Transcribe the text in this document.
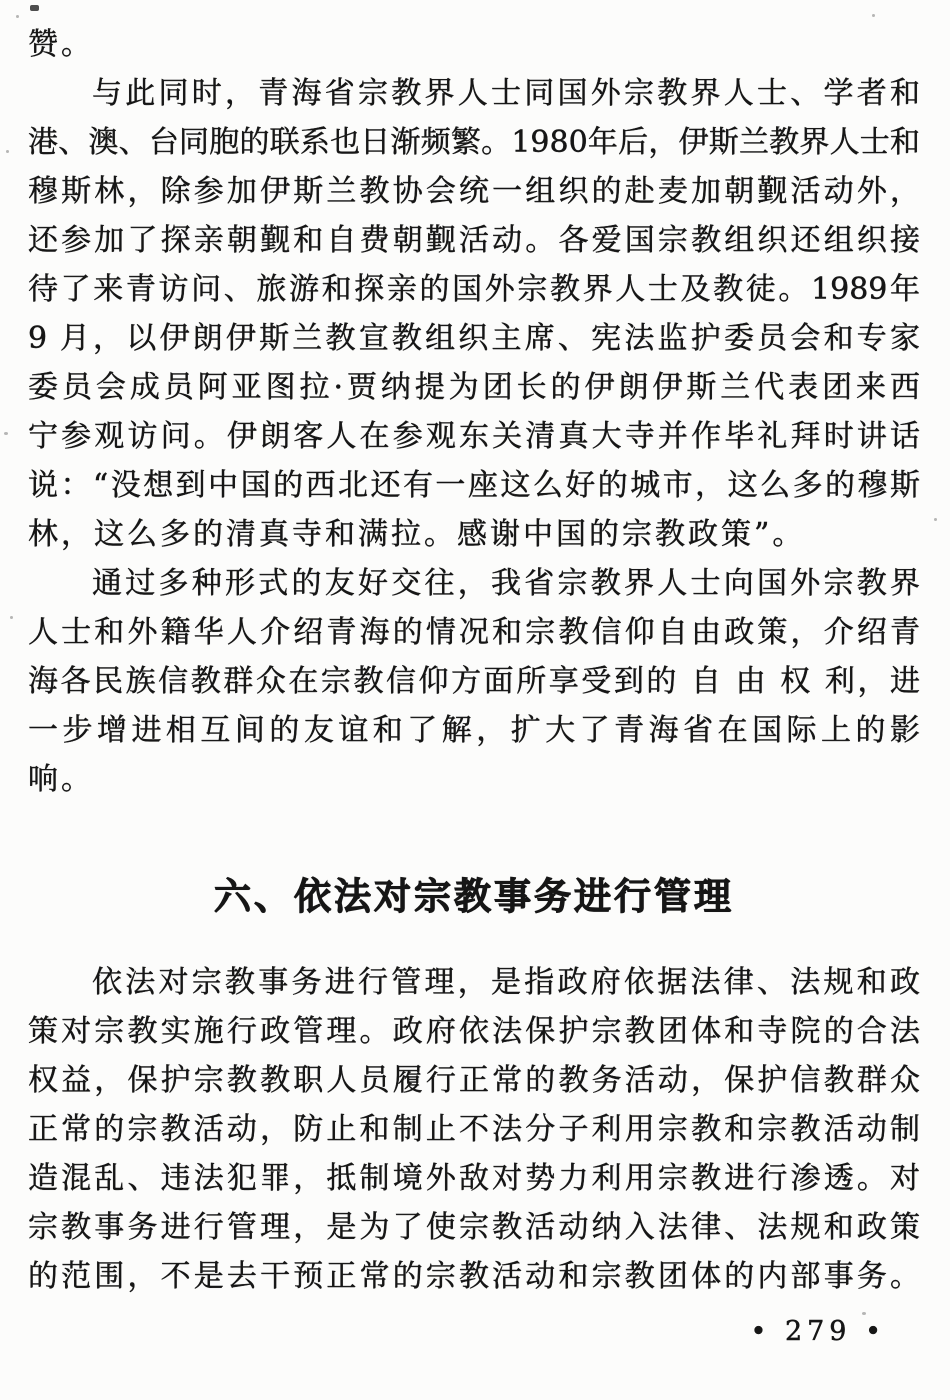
赞。
与此同时，青海省宗教界人士同国外宗教界人士、学者和
港、澳、台同胞的联系也日渐频繁。1980年后，伊斯兰教界人士和
穆斯林，除参加伊斯兰教协会统一组织的赴麦加朝觐活动外，
还参加了探亲朝觐和自费朝觐活动。各爱国宗教组织还组织接
待了来青访问、旅游和探亲的国外宗教界人士及教徒。1989年
9 月，以伊朗伊斯兰教宣教组织主席、宪法监护委员会和专家
委员会成员阿亚图拉·贾纳提为团长的伊朗伊斯兰代表团来西
宁参观访问。伊朗客人在参观东关清真大寺并作毕礼拜时讲话
说：“没想到中国的西北还有一座这么好的城市，这么多的穆斯
林，这么多的清真寺和满拉。感谢中国的宗教政策”。
通过多种形式的友好交往，我省宗教界人士向国外宗教界
人士和外籍华人介绍青海的情况和宗教信仰自由政策，介绍青
海各民族信教群众在宗教信仰方面所享受到的 自 由 权 利，进
一步增进相互间的友谊和了解，扩大了青海省在国际上的影
响。
六、依法对宗教事务进行管理
依法对宗教事务进行管理，是指政府依据法律、法规和政
策对宗教实施行政管理。政府依法保护宗教团体和寺院的合法
权益，保护宗教教职人员履行正常的教务活动，保护信教群众
正常的宗教活动，防止和制止不法分子利用宗教和宗教活动制
造混乱、违法犯罪，抵制境外敌对势力利用宗教进行渗透。对
宗教事务进行管理，是为了使宗教活动纳入法律、法规和政策
的范围，不是去干预正常的宗教活动和宗教团体的内部事务。
• 279 •
